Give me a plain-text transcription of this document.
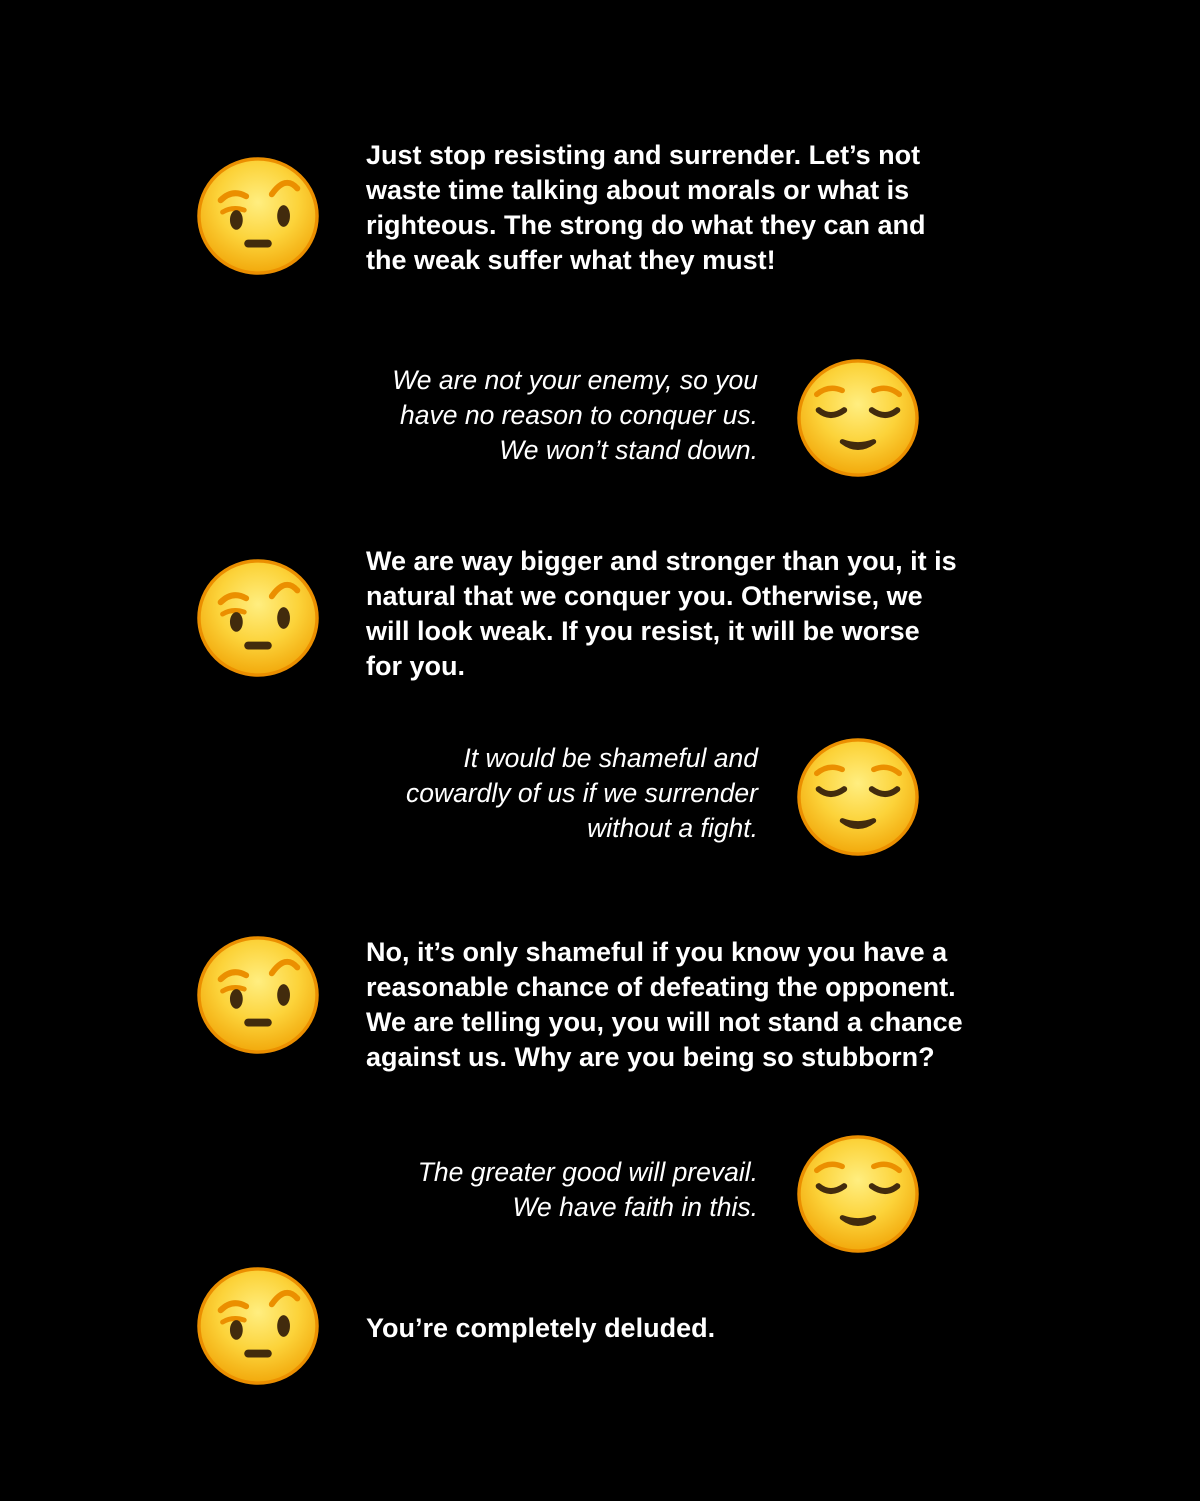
Just stop resisting and surrender. Let’s not
waste time talking about morals or what is
righteous. The strong do what they can and
the weak suffer what they must!
We are not your enemy, so you
have no reason to conquer us.
We won’t stand down.
We are way bigger and stronger than you, it is
natural that we conquer you. Otherwise, we
will look weak. If you resist, it will be worse
for you.
It would be shameful and
cowardly of us if we surrender
without a fight.
No, it’s only shameful if you know you have a
reasonable chance of defeating the opponent.
We are telling you, you will not stand a chance
against us. Why are you being so stubborn?
The greater good will prevail.
We have faith in this.
You’re completely deluded.
